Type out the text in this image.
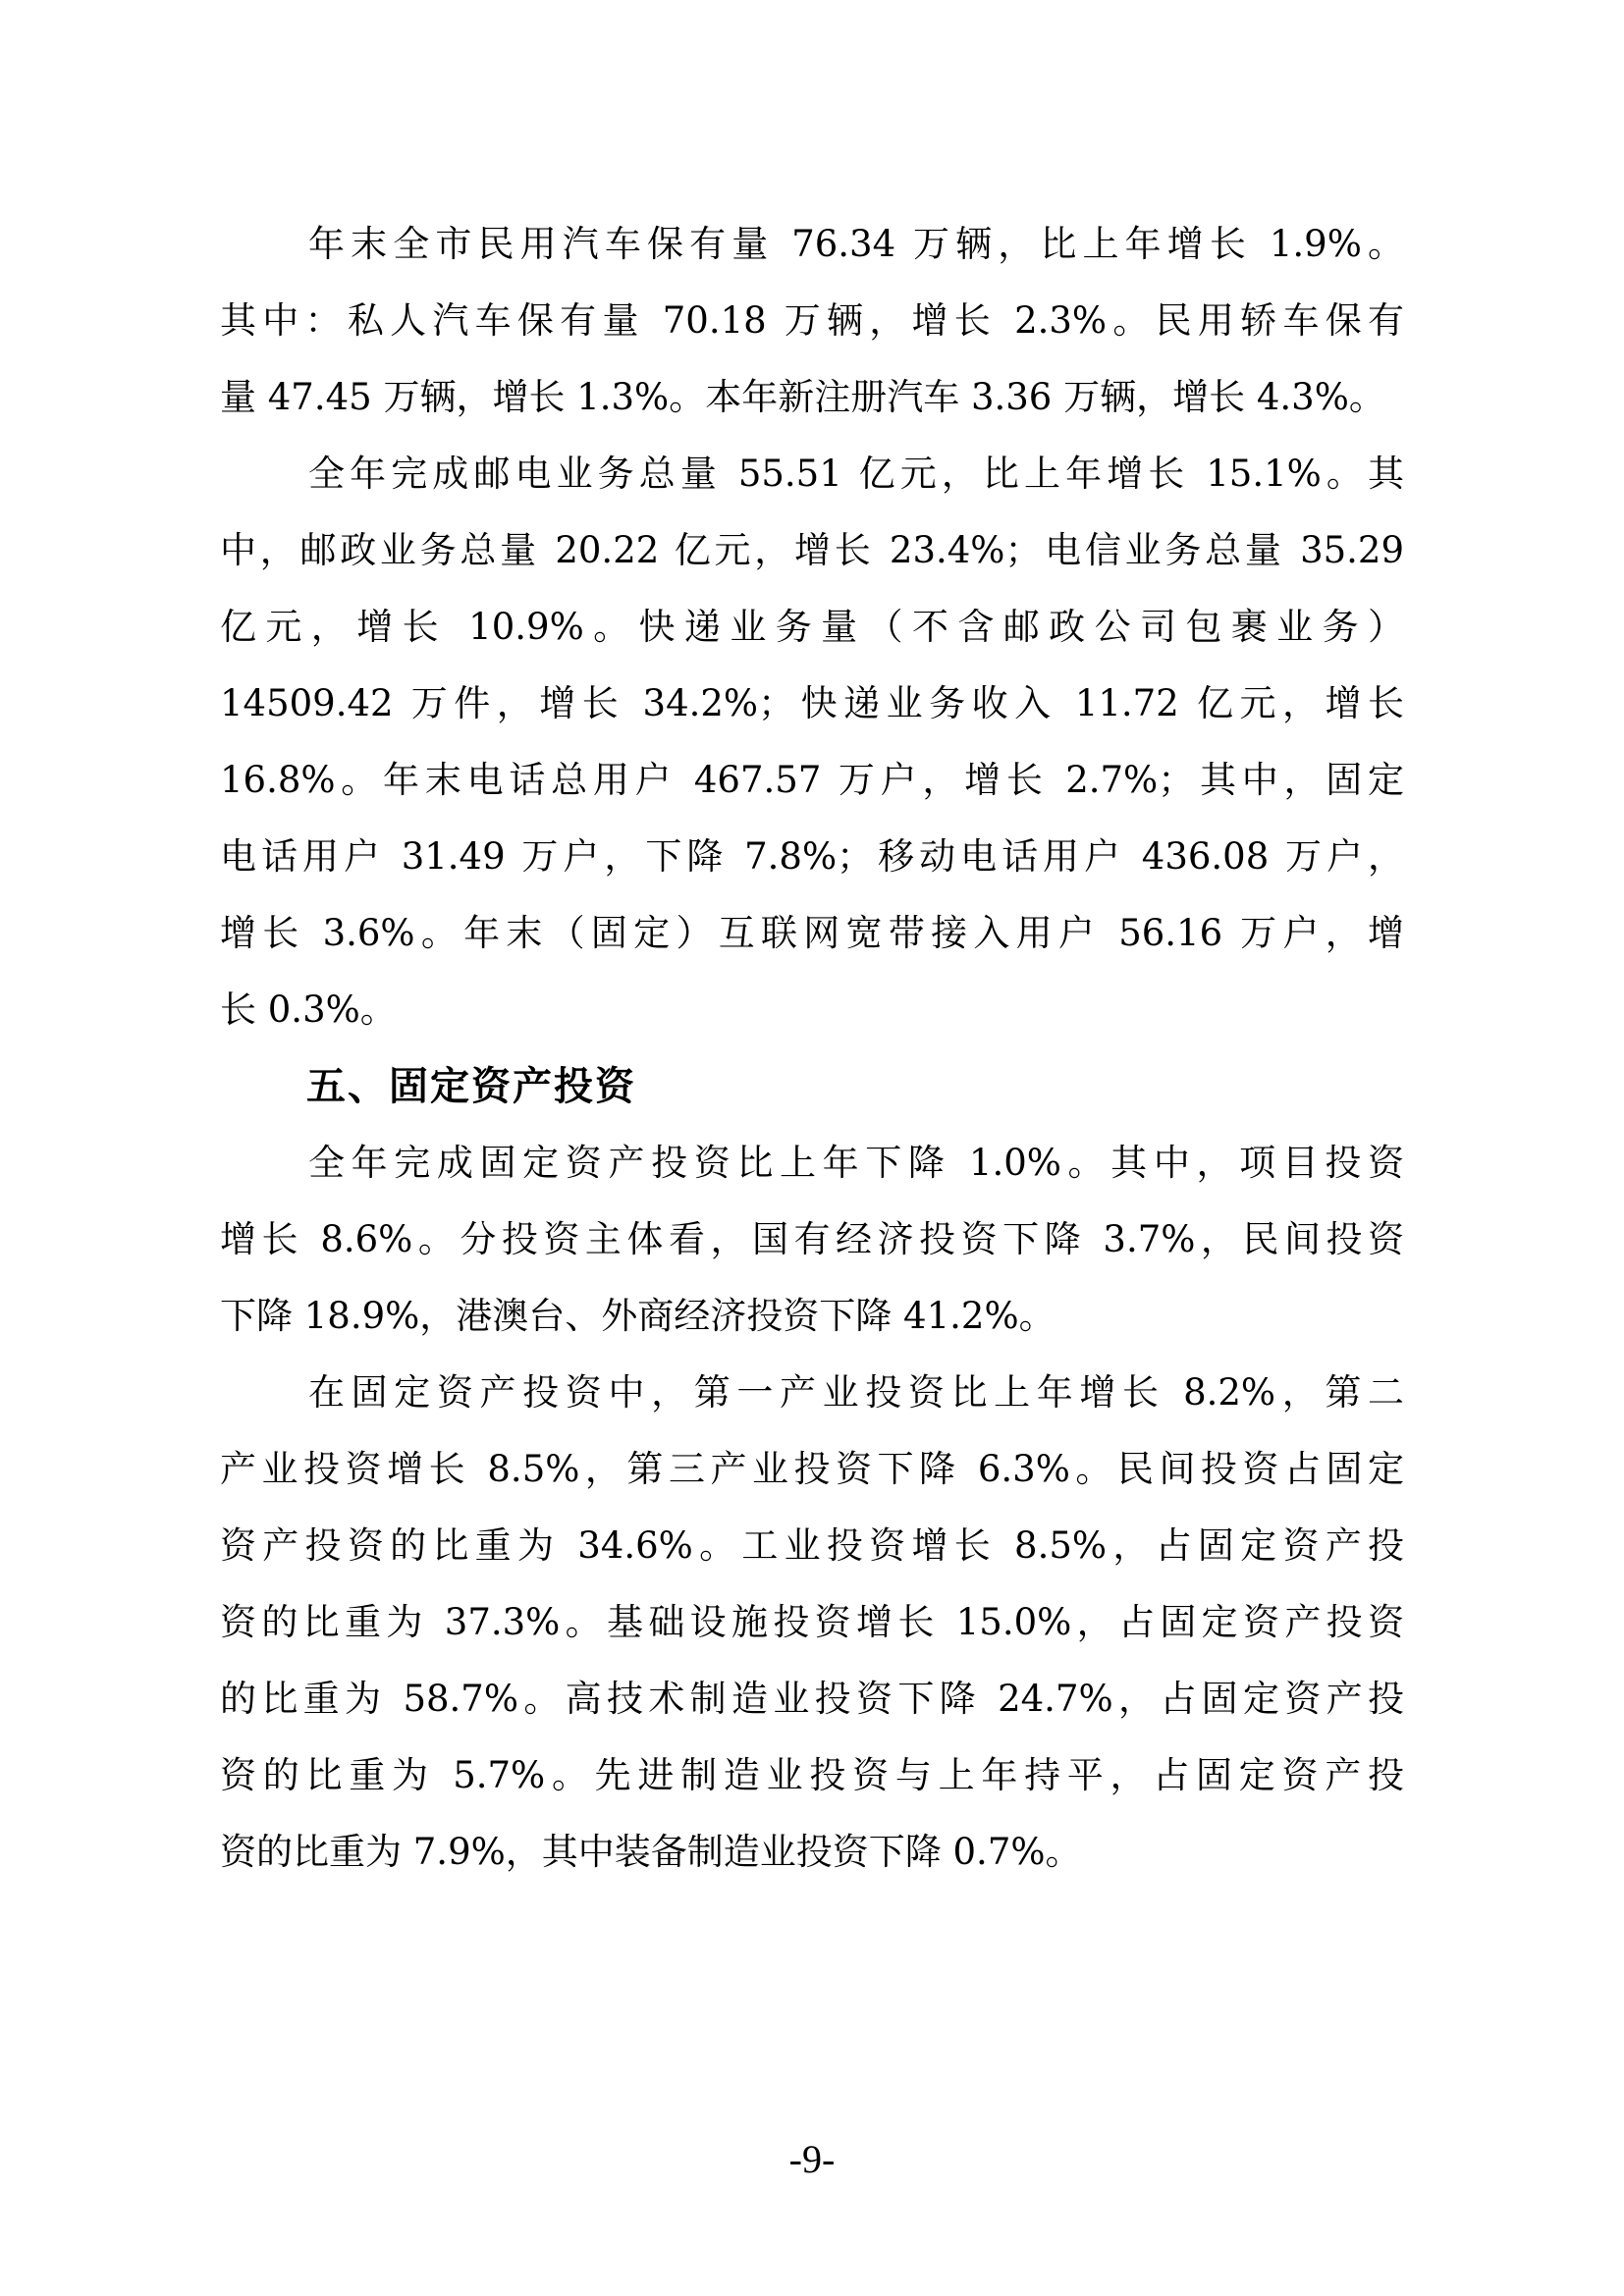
年末全市民用汽车保有量 76.34 万辆，比上年增长 1.9%。
其中：私人汽车保有量 70.18 万辆，增长 2.3%。民用轿车保有
量 47.45 万辆，增长 1.3%。本年新注册汽车 3.36 万辆，增长 4.3%。
全年完成邮电业务总量 55.51 亿元，比上年增长 15.1%。其
中，邮政业务总量 20.22 亿元，增长 23.4%；电信业务总量 35.29
亿元，增长 10.9%。快递业务量（不含邮政公司包裹业务）
14509.42 万件，增长 34.2%；快递业务收入 11.72 亿元，增长
16.8%。年末电话总用户 467.57 万户，增长 2.7%；其中，固定
电话用户 31.49 万户，下降 7.8%；移动电话用户 436.08 万户，
增长 3.6%。年末（固定）互联网宽带接入用户 56.16 万户，增
长 0.3%。
五、固定资产投资
全年完成固定资产投资比上年下降 1.0%。其中，项目投资
增长 8.6%。分投资主体看，国有经济投资下降 3.7%，民间投资
下降 18.9%，港澳台、外商经济投资下降 41.2%。
在固定资产投资中，第一产业投资比上年增长 8.2%，第二
产业投资增长 8.5%，第三产业投资下降 6.3%。民间投资占固定
资产投资的比重为 34.6%。工业投资增长 8.5%，占固定资产投
资的比重为 37.3%。基础设施投资增长 15.0%，占固定资产投资
的比重为 58.7%。高技术制造业投资下降 24.7%，占固定资产投
资的比重为 5.7%。先进制造业投资与上年持平，占固定资产投
资的比重为 7.9%，其中装备制造业投资下降 0.7%。
-9-
